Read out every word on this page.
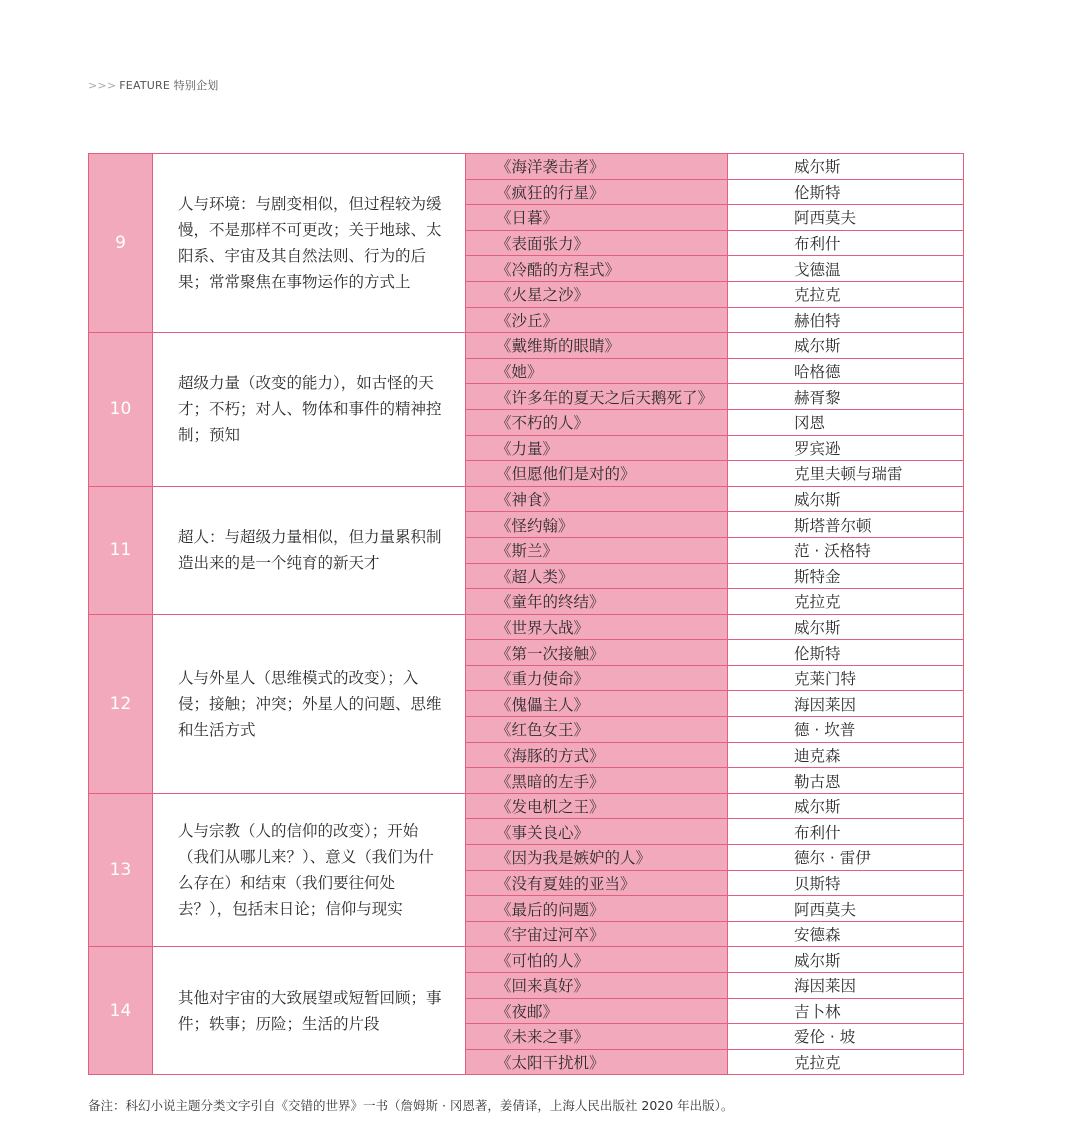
>>> FEATURE 特别企划
9	人与环境：与剧变相似，但过程较为缓慢，不是那样不可更改；关于地球、太阳系、宇宙及其自然法则、行为的后果；常常聚焦在事物运作的方式上	《海洋袭击者》	威尔斯
		《疯狂的行星》	伦斯特
		《日暮》	阿西莫夫
		《表面张力》	布利什
		《冷酷的方程式》	戈德温
		《火星之沙》	克拉克
		《沙丘》	赫伯特
10	超级力量（改变的能力），如古怪的天才；不朽；对人、物体和事件的精神控制；预知	《戴维斯的眼睛》	威尔斯
		《她》	哈格德
		《许多年的夏天之后天鹅死了》	赫胥黎
		《不朽的人》	冈恩
		《力量》	罗宾逊
		《但愿他们是对的》	克里夫顿与瑞雷
11	超人：与超级力量相似，但力量累积制造出来的是一个纯育的新天才	《神食》	威尔斯
		《怪约翰》	斯塔普尔顿
		《斯兰》	范 · 沃格特
		《超人类》	斯特金
		《童年的终结》	克拉克
12	人与外星人（思维模式的改变）；入侵；接触；冲突；外星人的问题、思维和生活方式	《世界大战》	威尔斯
		《第一次接触》	伦斯特
		《重力使命》	克莱门特
		《傀儡主人》	海因莱因
		《红色女王》	德 · 坎普
		《海豚的方式》	迪克森
		《黑暗的左手》	勒古恩
13	人与宗教（人的信仰的改变）；开始（我们从哪儿来？）、意义（我们为什么存在）和结束（我们要往何处去？），包括末日论；信仰与现实	《发电机之王》	威尔斯
		《事关良心》	布利什
		《因为我是嫉妒的人》	德尔 · 雷伊
		《没有夏娃的亚当》	贝斯特
		《最后的问题》	阿西莫夫
		《宇宙过河卒》	安德森
14	其他对宇宙的大致展望或短暂回顾；事件；轶事；历险；生活的片段	《可怕的人》	威尔斯
		《回来真好》	海因莱因
		《夜邮》	吉卜林
		《未来之事》	爱伦 · 坡
		《太阳干扰机》	克拉克
备注：科幻小说主题分类文字引自《交错的世界》一书（詹姆斯 · 冈恩著，姜倩译，上海人民出版社 2020 年出版）。
